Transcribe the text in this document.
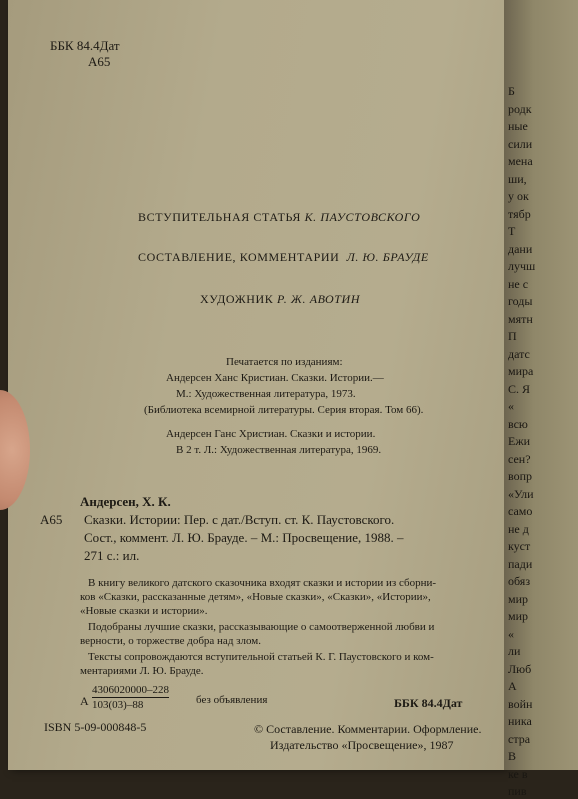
ББК 84.4Дат
A65
ВСТУПИТЕЛЬНАЯ СТАТЬЯ К. ПАУСТОВСКОГО
СОСТАВЛЕНИЕ, КОММЕНТАРИИ Л. Ю. БРАУДЕ
ХУДОЖНИК Р. Ж. АВОТИН
Печатается по изданиям:
Андерсен Ханс Кристиан. Сказки. Истории.—
М.: Художественная литература, 1973.
(Библиотека всемирной литературы. Серия вторая. Том 66).
Андерсен Ганс Христиан. Сказки и истории.
В 2 т. Л.: Художественная литература, 1969.
Андерсен, Х. К.
A65 Сказки. Истории: Пер. с дат./Вступ. ст. К. Паустовского.
Сост., коммент. Л. Ю. Брауде. – М.: Просвещение, 1988. –
271 с.: ил.
В книгу великого датского сказочника входят сказки и истории из сборни-
ков «Сказки, рассказанные детям», «Новые сказки», «Сказки», «Истории»,
«Новые сказки и истории».
Подобраны лучшие сказки, рассказывающие о самоотверженной любви и
верности, о торжестве добра над злом.
Тексты сопровождаются вступительной статьей К. Г. Паустовского и ком-
ментариями Л. Ю. Брауде.
А $\frac{4306020000-228}{103(03)-88}$ без объявления	ББК 84.4Дат
ISBN 5-09-000848-5	© Составление. Комментарии. Оформление.
Издательство «Просвещение», 1987
Б
родк
ные
сили
мена
ши,
у ок
тябр
Т
дани
лучш
не с
годы
мятн
П
датс
мира
С. Я
«
всю
Ежи
сен?
вопр
«Ули
само
не д
куст
пади
обяз
мир
мир
«
ли
Люб
А
войн
ника
стра
В
ке в
пив
